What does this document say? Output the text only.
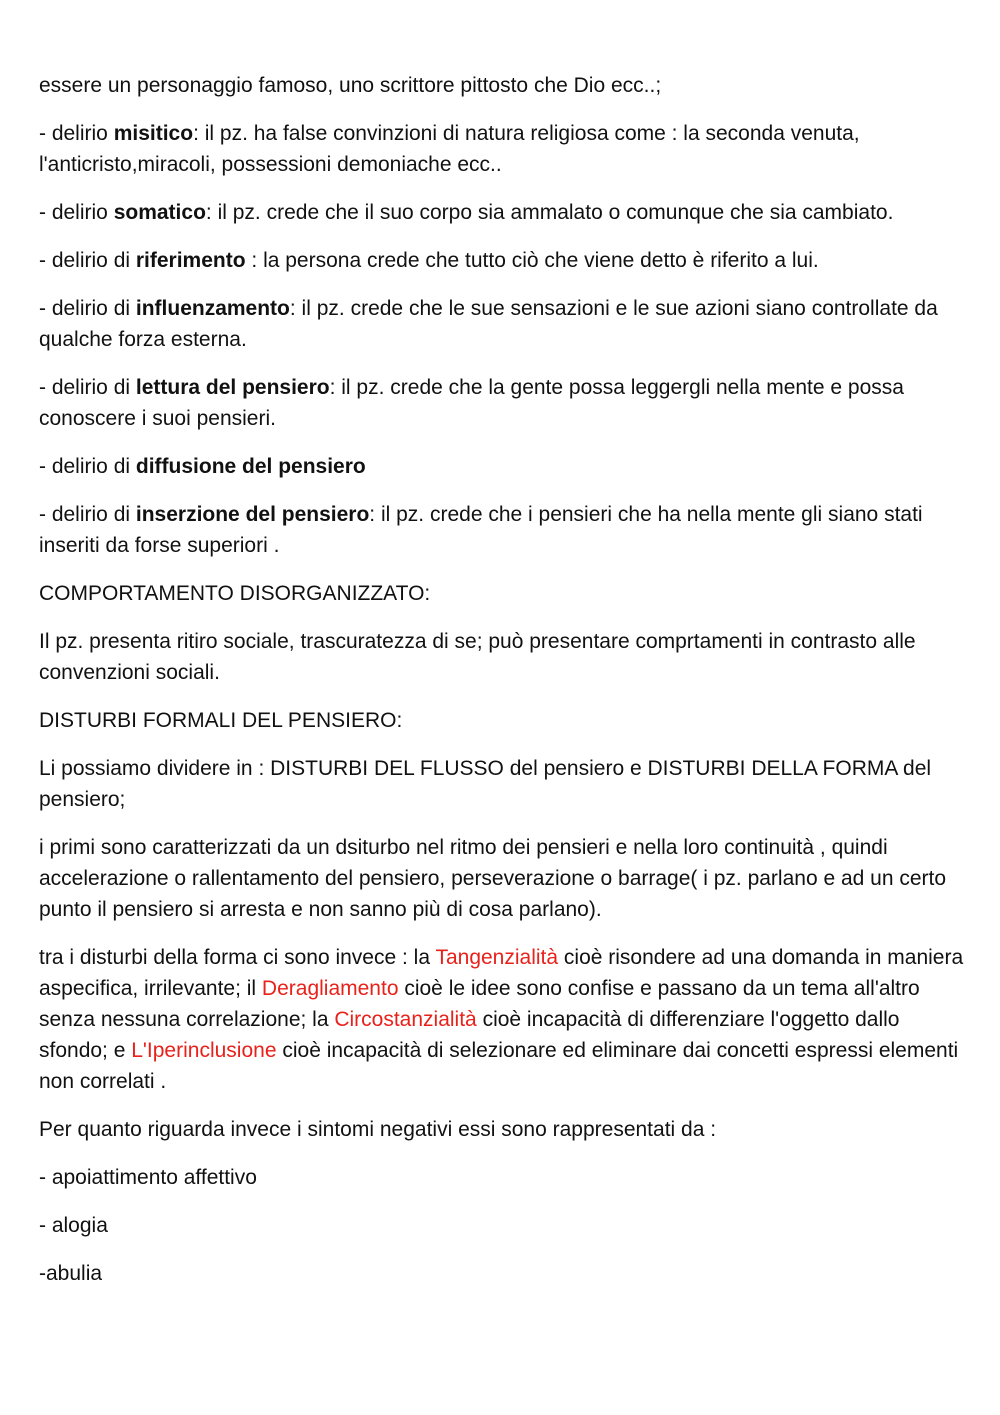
essere un personaggio famoso, uno scrittore pittosto che Dio ecc..;

- delirio misitico: il pz. ha false convinzioni di natura religiosa come : la seconda venuta, l'anticristo,miracoli, possessioni demoniache ecc..

- delirio somatico: il pz. crede che il suo corpo sia ammalato o comunque che sia cambiato.

- delirio di riferimento : la persona crede che tutto ciò che viene detto è riferito a lui.

- delirio di influenzamento: il pz. crede che le sue sensazioni e le sue azioni siano controllate da qualche forza esterna.

- delirio di lettura del pensiero: il pz. crede che la gente possa leggergli nella mente e possa conoscere i suoi pensieri.

- delirio di diffusione del pensiero

- delirio di inserzione del pensiero: il pz. crede che i pensieri che ha nella mente gli siano stati inseriti da forse superiori .

COMPORTAMENTO DISORGANIZZATO:

Il pz. presenta ritiro sociale, trascuratezza di se; può presentare comprtamenti in contrasto alle convenzioni sociali.

DISTURBI FORMALI DEL PENSIERO:

Li possiamo dividere in : DISTURBI DEL FLUSSO del pensiero e DISTURBI DELLA FORMA del pensiero;

i primi sono caratterizzati da un dsiturbo nel ritmo dei pensieri e nella loro continuità , quindi accelerazione o rallentamento del pensiero, perseverazione o barrage( i pz. parlano e ad un certo punto il pensiero si arresta e non sanno più di cosa parlano).

tra i disturbi della forma ci sono invece : la Tangenzialità cioè risondere ad una domanda in maniera aspecifica, irrilevante; il Deragliamento cioè le idee sono confise e passano da un tema all'altro senza nessuna correlazione; la Circostanzialità cioè incapacità di differenziare l'oggetto dallo sfondo; e L'Iperinclusione cioè incapacità di selezionare ed eliminare dai concetti espressi elementi non correlati .

Per quanto riguarda invece i sintomi negativi essi sono rappresentati da :

- apoiattimento affettivo

- alogia

-abulia
